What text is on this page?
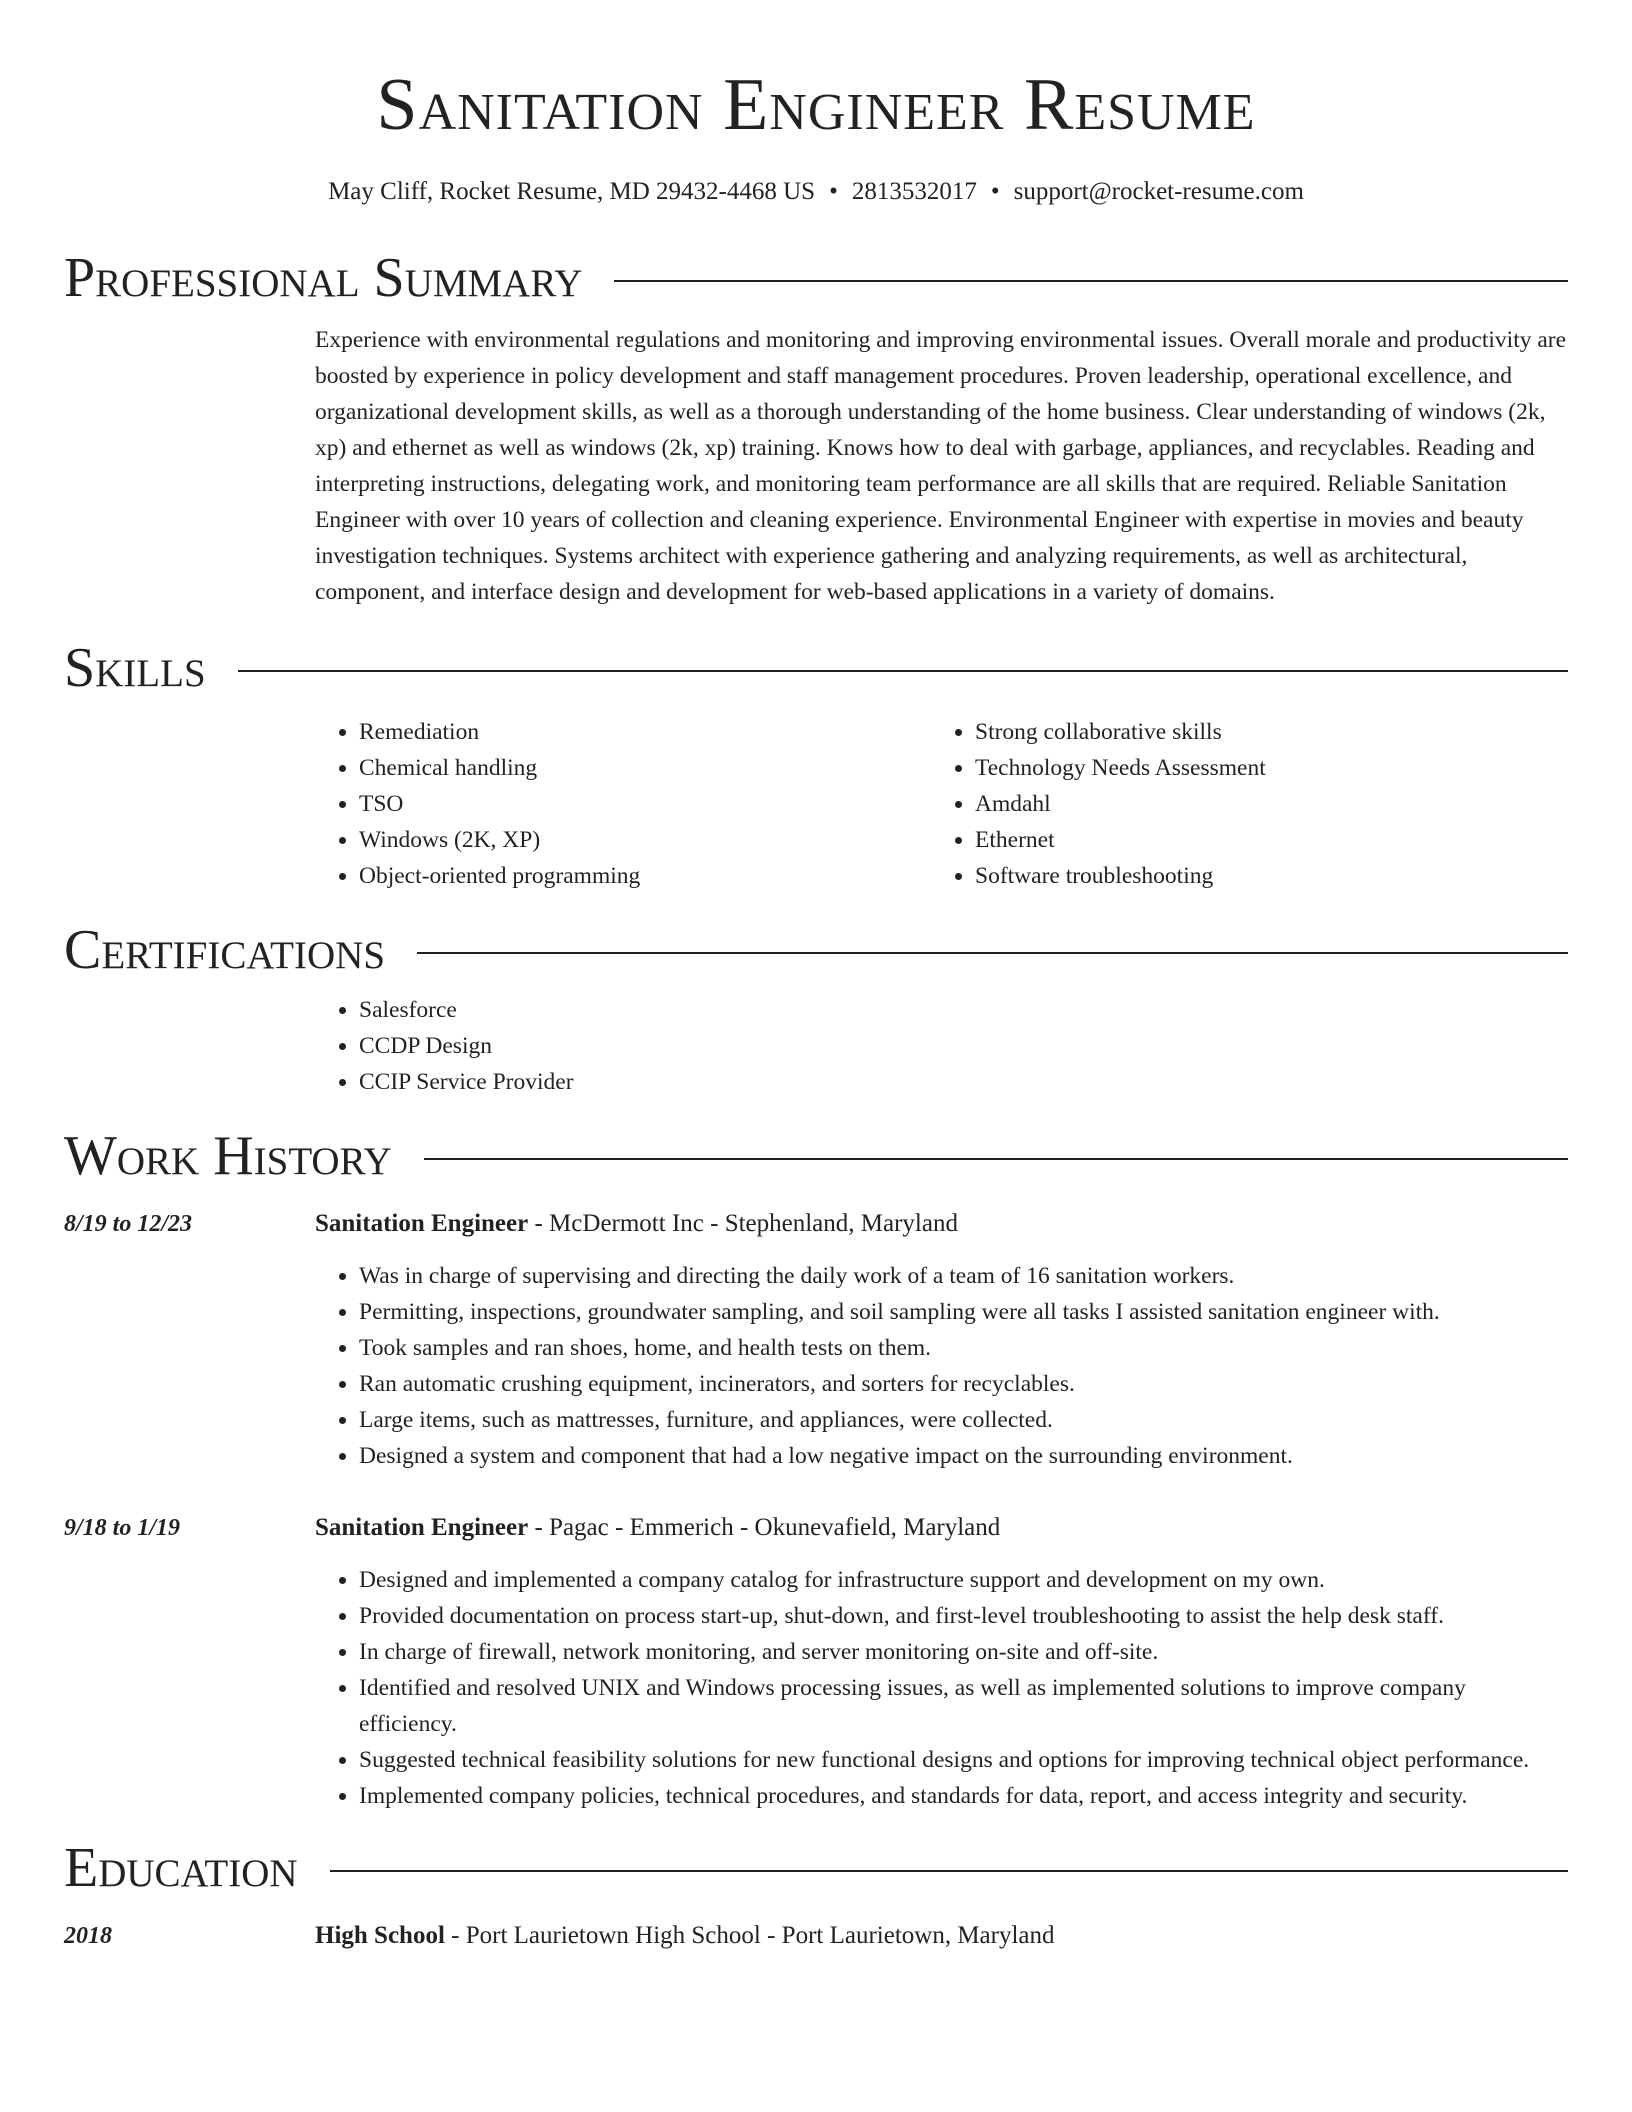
Sanitation Engineer Resume
May Cliff, Rocket Resume, MD 29432-4468 US • 2813532017 • support@rocket-resume.com
Professional Summary
Experience with environmental regulations and monitoring and improving environmental issues. Overall morale and productivity are boosted by experience in policy development and staff management procedures. Proven leadership, operational excellence, and organizational development skills, as well as a thorough understanding of the home business. Clear understanding of windows (2k, xp) and ethernet as well as windows (2k, xp) training. Knows how to deal with garbage, appliances, and recyclables. Reading and interpreting instructions, delegating work, and monitoring team performance are all skills that are required. Reliable Sanitation Engineer with over 10 years of collection and cleaning experience. Environmental Engineer with expertise in movies and beauty investigation techniques. Systems architect with experience gathering and analyzing requirements, as well as architectural, component, and interface design and development for web-based applications in a variety of domains.
Skills
• Remediation
• Chemical handling
• TSO
• Windows (2K, XP)
• Object-oriented programming
• Strong collaborative skills
• Technology Needs Assessment
• Amdahl
• Ethernet
• Software troubleshooting
Certifications
• Salesforce
• CCDP Design
• CCIP Service Provider
Work History
8/19 to 12/23	Sanitation Engineer - McDermott Inc - Stephenland, Maryland
• Was in charge of supervising and directing the daily work of a team of 16 sanitation workers.
• Permitting, inspections, groundwater sampling, and soil sampling were all tasks I assisted sanitation engineer with.
• Took samples and ran shoes, home, and health tests on them.
• Ran automatic crushing equipment, incinerators, and sorters for recyclables.
• Large items, such as mattresses, furniture, and appliances, were collected.
• Designed a system and component that had a low negative impact on the surrounding environment.
9/18 to 1/19	Sanitation Engineer - Pagac - Emmerich - Okunevafield, Maryland
• Designed and implemented a company catalog for infrastructure support and development on my own.
• Provided documentation on process start-up, shut-down, and first-level troubleshooting to assist the help desk staff.
• In charge of firewall, network monitoring, and server monitoring on-site and off-site.
• Identified and resolved UNIX and Windows processing issues, as well as implemented solutions to improve company efficiency.
• Suggested technical feasibility solutions for new functional designs and options for improving technical object performance.
• Implemented company policies, technical procedures, and standards for data, report, and access integrity and security.
Education
2018	High School - Port Laurietown High School - Port Laurietown, Maryland
